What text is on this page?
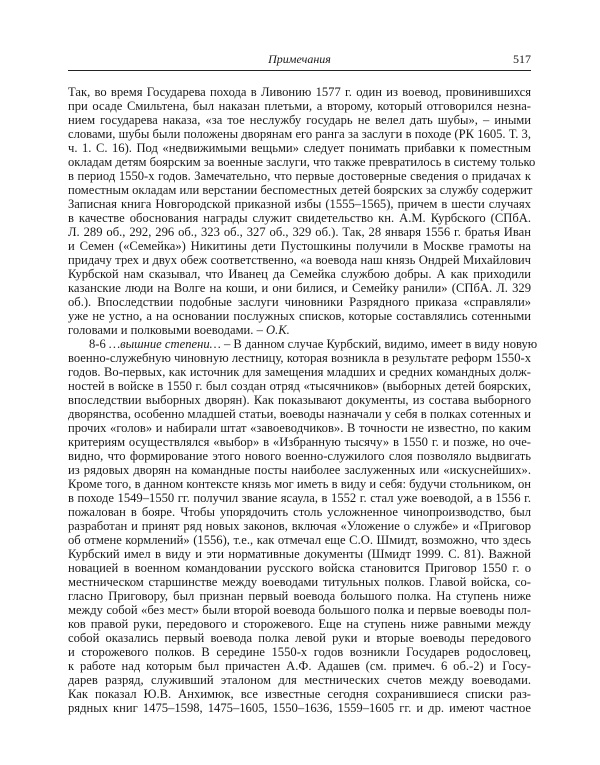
Примечания	517
Так, во время Государева похода в Ливонию 1577 г. один из воевод, провинившихся
при осаде Смильтена, был наказан плетьми, а второму, который отговорился незна-
нием государева наказа, «за тое неслужбу государь не велел дать шубы», – иными
словами, шубы были положены дворянам его ранга за заслуги в походе (РК 1605. Т. 3,
ч. 1. С. 16). Под «недвижимыми вещьми» следует понимать прибавки к поместным
окладам детям боярским за военные заслуги, что также превратилось в систему только
в период 1550-х годов. Замечательно, что первые достоверные сведения о придачах к
поместным окладам или верстании беспоместных детей боярских за службу содержит
Записная книга Новгородской приказной избы (1555–1565), причем в шести случаях
в качестве обоснования награды служит свидетельство кн. А.М. Курбского (СПбА.
Л. 289 об., 292, 296 об., 323 об., 327 об., 329 об.). Так, 28 января 1556 г. братья Иван
и Семен («Семейка») Никитины дети Пустошкины получили в Москве грамоты на
придачу трех и двух обеж соответственно, «а воевода наш князь Ондрей Михайлович
Курбской нам сказывал, что Иванец да Семейка службою добры. А как приходили
казанские люди на Волге на коши, и они билися, и Семейку ранили» (СПбА. Л. 329
об.). Впоследствии подобные заслуги чиновники Разрядного приказа «справляли»
уже не устно, а на основании послужных списков, которые составлялись сотенными
головами и полковыми воеводами. – О.К.
8-6 …вышние степени… – В данном случае Курбский, видимо, имеет в виду новую
военно-служебную чиновную лестницу, которая возникла в результате реформ 1550-х
годов. Во-первых, как источник для замещения младших и средних командных долж-
ностей в войске в 1550 г. был создан отряд «тысячников» (выборных детей боярских,
впоследствии выборных дворян). Как показывают документы, из состава выборного
дворянства, особенно младшей статьи, воеводы назначали у себя в полках сотенных и
прочих «голов» и набирали штат «завоеводчиков». В точности не известно, по каким
критериям осуществлялся «выбор» в «Избранную тысячу» в 1550 г. и позже, но оче-
видно, что формирование этого нового военно-служилого слоя позволяло выдвигать
из рядовых дворян на командные посты наиболее заслуженных или «искуснейших».
Кроме того, в данном контексте князь мог иметь в виду и себя: будучи стольником, он
в походе 1549–1550 гг. получил звание ясаула, в 1552 г. стал уже воеводой, а в 1556 г.
пожалован в бояре. Чтобы упорядочить столь усложненное чинопроизводство, был
разработан и принят ряд новых законов, включая «Уложение о службе» и «Приговор
об отмене кормлений» (1556), т.е., как отмечал еще С.О. Шмидт, возможно, что здесь
Курбский имел в виду и эти нормативные документы (Шмидт 1999. С. 81). Важной
новацией в военном командовании русского войска становится Приговор 1550 г. о
местническом старшинстве между воеводами титульных полков. Главой войска, со-
гласно Приговору, был признан первый воевода большого полка. На ступень ниже
между собой «без мест» были второй воевода большого полка и первые воеводы пол-
ков правой руки, передового и сторожевого. Еще на ступень ниже равными между
собой оказались первый воевода полка левой руки и вторые воеводы передового
и сторожевого полков. В середине 1550-х годов возникли Государев родословец,
к работе над которым был причастен А.Ф. Адашев (см. примеч. 6 об.-2) и Госу-
дарев разряд, служивший эталоном для местнических счетов между воеводами.
Как показал Ю.В. Анхимюк, все известные сегодня сохранившиеся списки раз-
рядных книг 1475–1598, 1475–1605, 1550–1636, 1559–1605 гг. и др. имеют частное
